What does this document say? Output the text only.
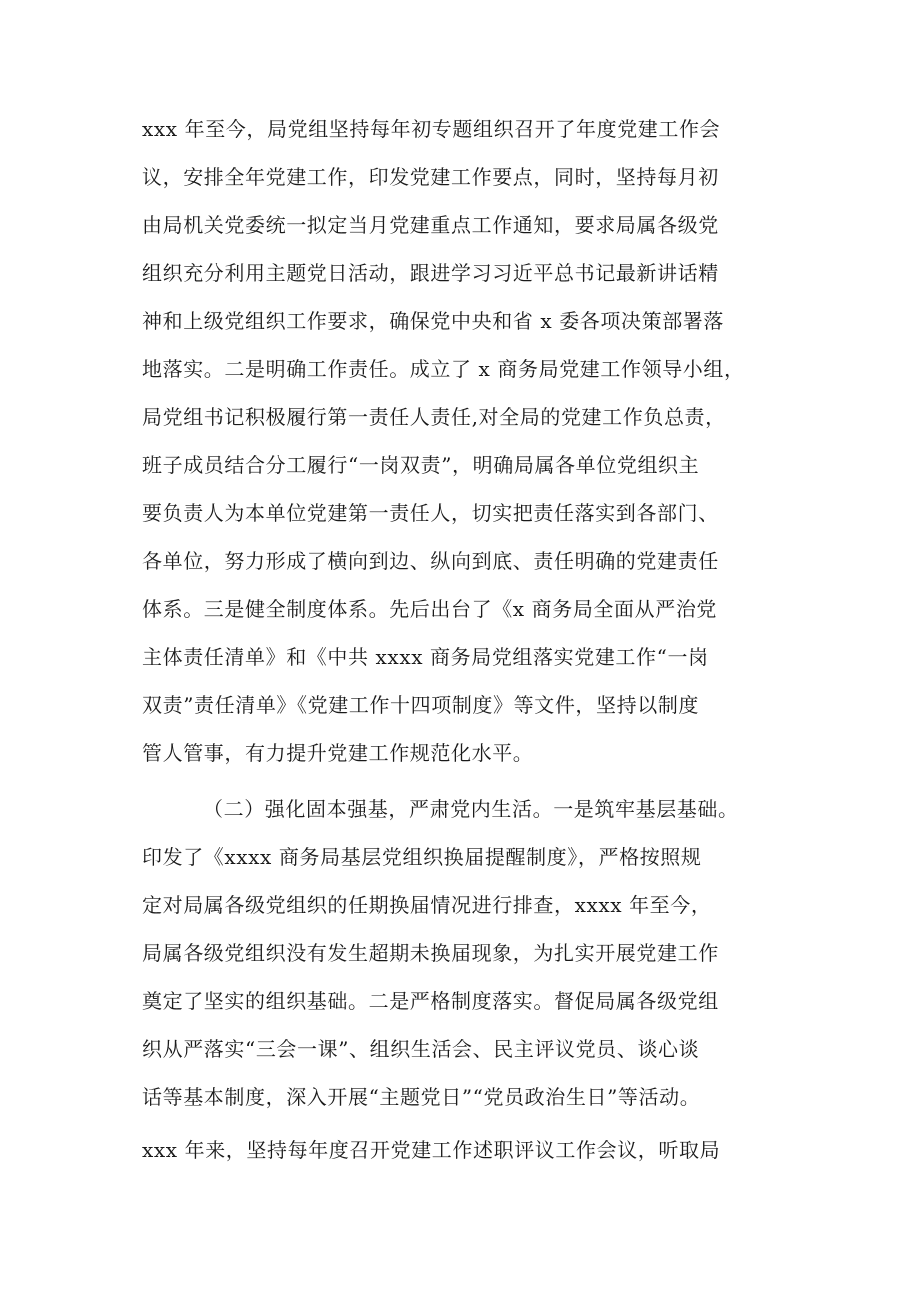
xxx 年至今，局党组坚持每年初专题组织召开了年度党建工作会
议，安排全年党建工作，印发党建工作要点，同时，坚持每月初
由局机关党委统一拟定当月党建重点工作通知，要求局属各级党
组织充分利用主题党日活动，跟进学习习近平总书记最新讲话精
神和上级党组织工作要求，确保党中央和省 x 委各项决策部署落
地落实。二是明确工作责任。成立了 x 商务局党建工作领导小组，
局党组书记积极履行第一责任人责任,对全局的党建工作负总责，
班子成员结合分工履行“一岗双责”，明确局属各单位党组织主
要负责人为本单位党建第一责任人，切实把责任落实到各部门、
各单位，努力形成了横向到边、纵向到底、责任明确的党建责任
体系。三是健全制度体系。先后出台了《x 商务局全面从严治党
主体责任清单》和《中共 xxxx 商务局党组落实党建工作“一岗
双责”责任清单》《党建工作十四项制度》等文件，坚持以制度
管人管事，有力提升党建工作规范化水平。
（二）强化固本强基，严肃党内生活。一是筑牢基层基础。
印发了《xxxx 商务局基层党组织换届提醒制度》，严格按照规
定对局属各级党组织的任期换届情况进行排查，xxxx 年至今，
局属各级党组织没有发生超期未换届现象，为扎实开展党建工作
奠定了坚实的组织基础。二是严格制度落实。督促局属各级党组
织从严落实“三会一课”、组织生活会、民主评议党员、谈心谈
话等基本制度，深入开展“主题党日”“党员政治生日”等活动。
xxx 年来，坚持每年度召开党建工作述职评议工作会议，听取局
